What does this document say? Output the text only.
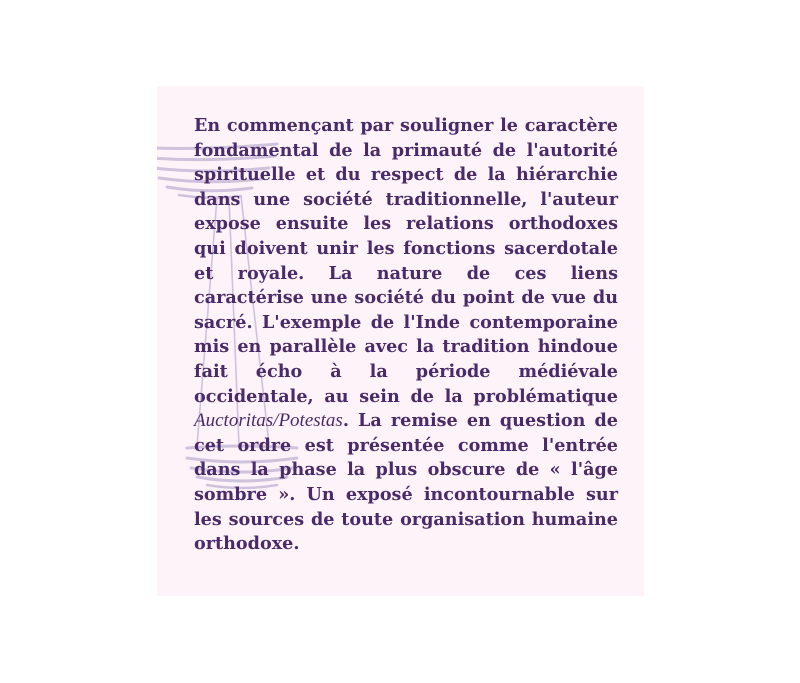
En commençant par souligner le caractère fondamental de la primauté de l'autorité spirituelle et du respect de la hiérarchie dans une société traditionnelle, l'auteur expose ensuite les relations orthodoxes qui doivent unir les fonctions sacerdotale et royale. La nature de ces liens caractérise une société du point de vue du sacré. L'exemple de l'Inde contemporaine mis en parallèle avec la tradition hindoue fait écho à la période médiévale occidentale, au sein de la problématique Auctoritas/Potestas. La remise en question de cet ordre est présentée comme l'entrée dans la phase la plus obscure de « l'âge sombre ». Un exposé incontournable sur les sources de toute organisation humaine orthodoxe.
